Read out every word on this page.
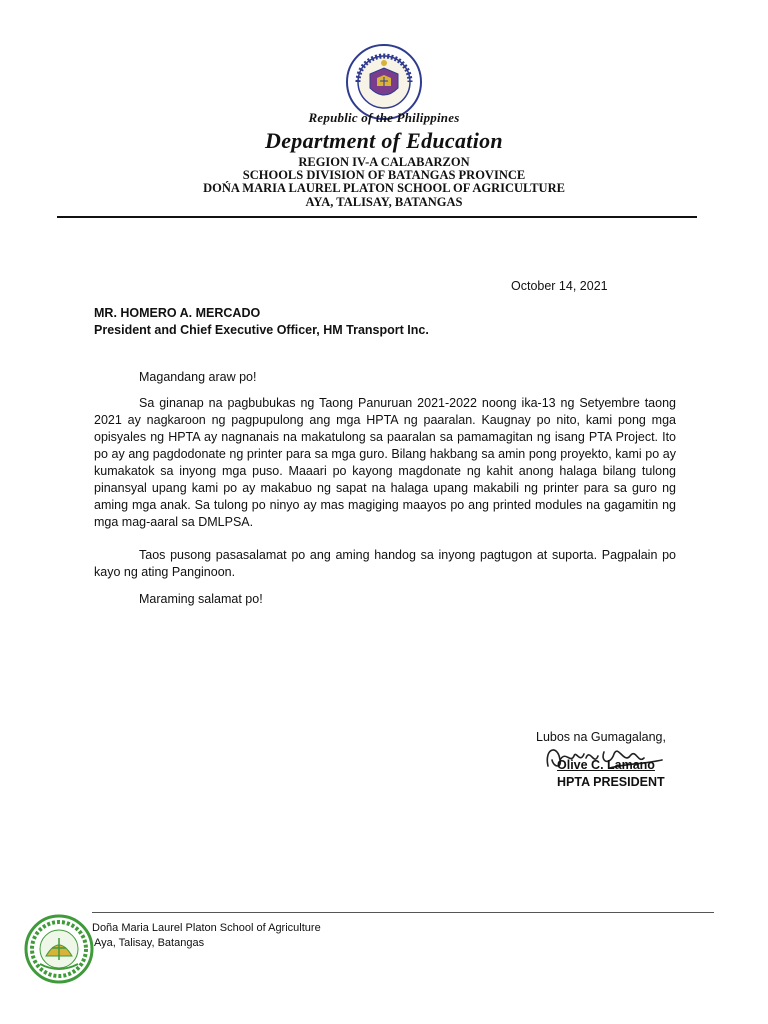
Republic of the Philippines
Department of Education
REGION IV-A CALABARZON
SCHOOLS DIVISION OF BATANGAS PROVINCE
DOŃA MARIA LAUREL PLATON SCHOOL OF AGRICULTURE
AYA, TALISAY, BATANGAS
October 14, 2021
MR. HOMERO A. MERCADO
President and Chief Executive Officer, HM Transport Inc.
Magandang araw po!
Sa ginanap na pagbubukas ng Taong Panuruan 2021-2022 noong ika-13 ng Setyembre taong 2021 ay nagkaroon ng pagpupulong ang mga HPTA ng paaralan. Kaugnay po nito, kami pong mga opisyales ng HPTA ay nagnanais na makatulong sa paaralan sa pamamagitan ng isang PTA Project. Ito po ay ang pagdodonate ng printer para sa mga guro. Bilang hakbang sa amin pong proyekto, kami po ay kumakatok sa inyong mga puso. Maaari po kayong magdonate ng kahit anong halaga bilang tulong pinansyal upang kami po ay makabuo ng sapat na halaga upang makabili ng printer para sa guro ng aming mga anak. Sa tulong po ninyo ay mas magiging maayos po ang printed modules na gagamitin ng mga mag-aaral sa DMLPSA.
Taos pusong pasasalamat po ang aming handog sa inyong pagtugon at suporta. Pagpalain po kayo ng ating Panginoon.
Maraming salamat po!
Lubos na Gumagalang,
Olive C. Lamano
HPTA PRESIDENT
Doña Maria Laurel Platon School of Agriculture
Aya, Talisay, Batangas
